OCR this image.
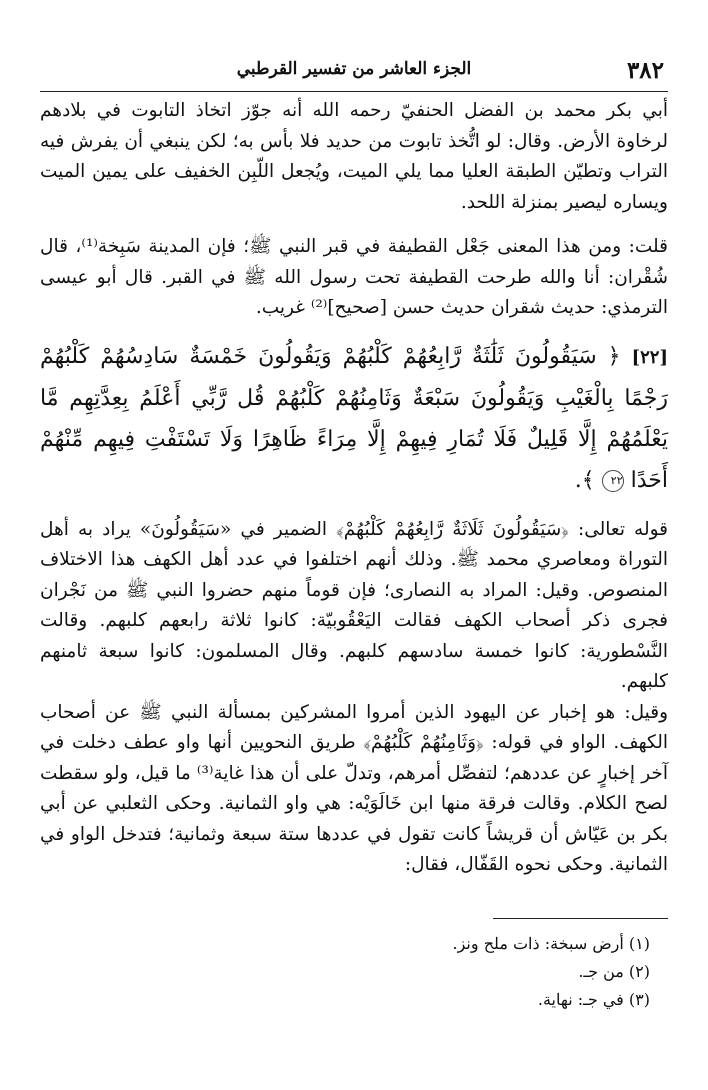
٣٨٢
الجزء العاشر من تفسير القرطبي

أبي بكر محمد بن الفضل الحنفيّ رحمه الله أنه جوّز اتخاذ التابوت في بلادهم لرخاوة الأرض. وقال: لو اتُّخذ تابوت من حديد فلا بأس به؛ لكن ينبغي أن يفرش فيه التراب وتطيّن الطبقة العليا مما يلي الميت، ويُجعل اللّبِن الخفيف على يمين الميت ويساره ليصير بمنزلة اللحد.

قلت: ومن هذا المعنى جَعْل القطيفة في قبر النبي ﷺ؛ فإن المدينة سَبِخة⁽¹⁾، قال شُقْران: أنا والله طرحت القطيفة تحت رسول الله ﷺ في القبر. قال أبو عيسى الترمذي: حديث شقران حديث حسن [صحيح]⁽²⁾ غريب.

[٢٢] ﴿ سَيَقُولُونَ ثَلَٰثَةٌ رَّابِعُهُمْ كَلْبُهُمْ وَيَقُولُونَ خَمْسَةٌ سَادِسُهُمْ كَلْبُهُمْ رَجْمًا بِالْغَيْبِ وَيَقُولُونَ سَبْعَةٌ وَثَامِنُهُمْ كَلْبُهُمْ قُل رَّبِّي أَعْلَمُ بِعِدَّتِهِم مَّا يَعْلَمُهُمْ إِلَّا قَلِيلٌ فَلَا تُمَارِ فِيهِمْ إِلَّا مِرَاءً ظَاهِرًا وَلَا تَسْتَفْتِ فِيهِم مِّنْهُمْ أَحَدًا ٢٢ ﴾.

قوله تعالى: ﴿سَيَقُولُونَ ثَلَاثَةٌ رَّابِعُهُمْ كَلْبُهُمْ﴾ الضمير في «سَيَقُولُونَ» يراد به أهل التوراة ومعاصري محمد ﷺ. وذلك أنهم اختلفوا في عدد أهل الكهف هذا الاختلاف المنصوص. وقيل: المراد به النصارى؛ فإن قوماً منهم حضروا النبي ﷺ من نَجْران فجرى ذكر أصحاب الكهف فقالت اليَعْقُوبيّة: كانوا ثلاثة رابعهم كلبهم. وقالت النَّسْطورية: كانوا خمسة سادسهم كلبهم. وقال المسلمون: كانوا سبعة ثامنهم كلبهم.

وقيل: هو إخبار عن اليهود الذين أمروا المشركين بمسألة النبي ﷺ عن أصحاب الكهف. الواو في قوله: ﴿وَثَامِنُهُمْ كَلْبُهُمْ﴾ طريق النحويين أنها واو عطف دخلت في آخر إخبارٍ عن عددهم؛ لتفصِّل أمرهم، وتدلّ على أن هذا غاية⁽³⁾ ما قيل، ولو سقطت لصح الكلام. وقالت فرقة منها ابن خَالَوَيْه: هي واو الثمانية. وحكى الثعلبي عن أبي بكر بن عَيّاش أن قريشاً كانت تقول في عددها ستة سبعة وثمانية؛ فتدخل الواو في الثمانية. وحكى نحوه القَفّال، فقال:

(١) أرض سبخة: ذات ملح ونز.

(٢) من جـ.

(٣) في جـ: نهاية.
